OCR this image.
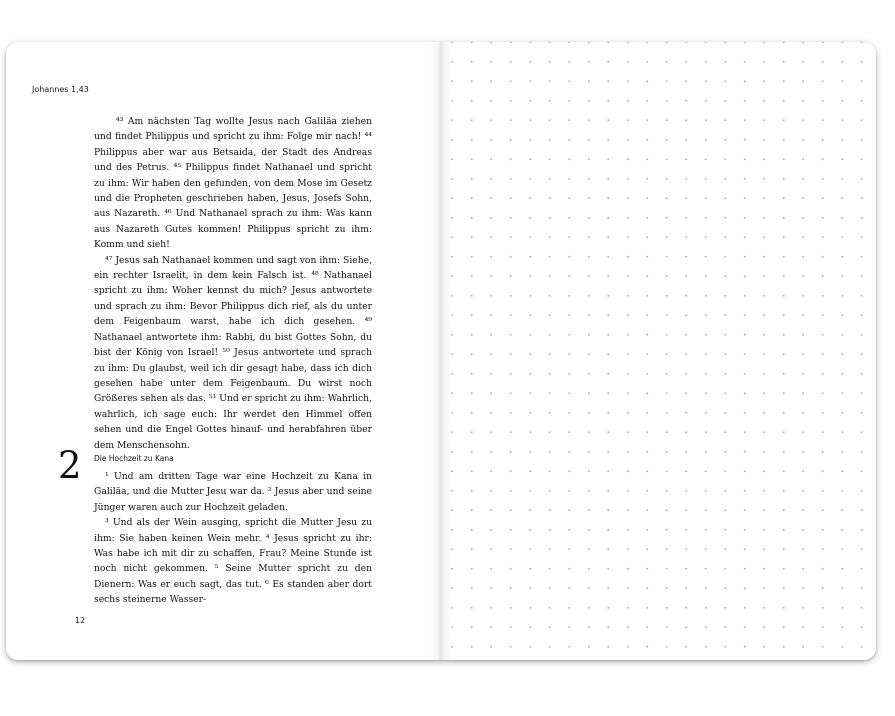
Johannes 1,43

⁴³ Am nächsten Tag wollte Jesus nach Galiläa ziehen und findet Philippus und spricht zu ihm: Folge mir nach! ⁴⁴ Philippus aber war aus Betsaida, der Stadt des Andreas und des Petrus. ⁴⁵ Philippus findet Nathanael und spricht zu ihm: Wir haben den gefunden, von dem Mose im Gesetz und die Propheten geschrieben haben, Jesus, Josefs Sohn, aus Nazareth. ⁴⁶ Und Nathanael sprach zu ihm: Was kann aus Nazareth Gutes kommen! Philippus spricht zu ihm: Komm und sieh!

⁴⁷ Jesus sah Nathanael kommen und sagt von ihm: Siehe, ein rechter Israelit, in dem kein Falsch ist. ⁴⁸ Nathanael spricht zu ihm: Woher kennst du mich? Jesus antwortete und sprach zu ihm: Bevor Philippus dich rief, als du unter dem Feigenbaum warst, habe ich dich gesehen. ⁴⁹ Nathanael antwortete ihm: Rabbi, du bist Gottes Sohn, du bist der König von Israel! ⁵⁰ Jesus antwortete und sprach zu ihm: Du glaubst, weil ich dir gesagt habe, dass ich dich gesehen habe unter dem Feigenbaum. Du wirst noch Größeres sehen als das. ⁵¹ Und er spricht zu ihm: Wahrlich, wahrlich, ich sage euch: Ihr werdet den Himmel offen sehen und die Engel Gottes hinauf- und herabfahren über dem Menschensohn.

2 Die Hochzeit zu Kana

¹ Und am dritten Tage war eine Hochzeit zu Kana in Galiläa, und die Mutter Jesu war da. ² Jesus aber und seine Jünger waren auch zur Hochzeit geladen.

³ Und als der Wein ausging, spricht die Mutter Jesu zu ihm: Sie haben keinen Wein mehr. ⁴ Jesus spricht zu ihr: Was habe ich mit dir zu schaffen, Frau? Meine Stunde ist noch nicht gekommen. ⁵ Seine Mutter spricht zu den Dienern: Was er euch sagt, das tut. ⁶ Es standen aber dort sechs steinerne Wasser-

12
